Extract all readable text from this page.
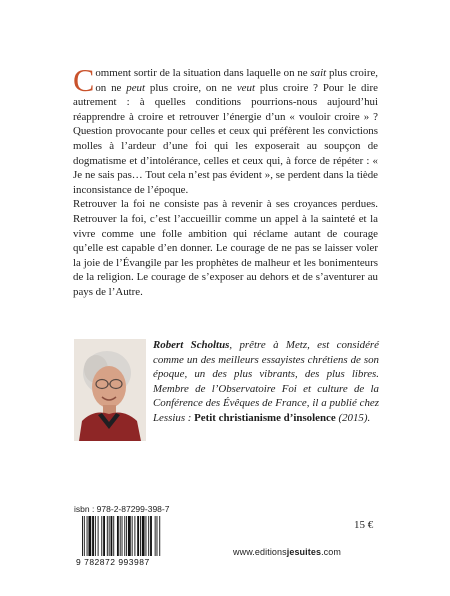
Comment sortir de la situation dans laquelle on ne sait plus croire, on ne peut plus croire, on ne veut plus croire ? Pour le dire autrement : à quelles conditions pourrions-nous aujourd’hui réapprendre à croire et retrouver l’énergie d’un « vouloir croire » ? Question provocante pour celles et ceux qui préfèrent les convictions molles à l’ardeur d’une foi qui les exposerait au soupçon de dogmatisme et d’intolérance, celles et ceux qui, à force de répéter : « Je ne sais pas… Tout cela n’est pas évident », se perdent dans la tiède inconsistance de l’époque.

Retrouver la foi ne consiste pas à revenir à ses croyances perdues. Retrouver la foi, c’est l’accueillir comme un appel à la sainteté et la vivre comme une folle ambition qui réclame autant de courage qu’elle est capable d’en donner. Le courage de ne pas se laisser voler la joie de l’Évangile par les prophètes de malheur et les bonimenteurs de la religion. Le courage de s’exposer au dehors et de s’aventurer au pays de l’Autre.

Robert Scholtus, prêtre à Metz, est considéré comme un des meilleurs essayistes chrétiens de son époque, un des plus vibrants, des plus libres. Membre de l’Observatoire Foi et culture de la Conférence des Évêques de France, il a publié chez Lessius : Petit christianisme d’insolence (2015).

isbn : 978-2-87299-398-7
9 782872 993987
15 €
www.editionsjesuites.com
